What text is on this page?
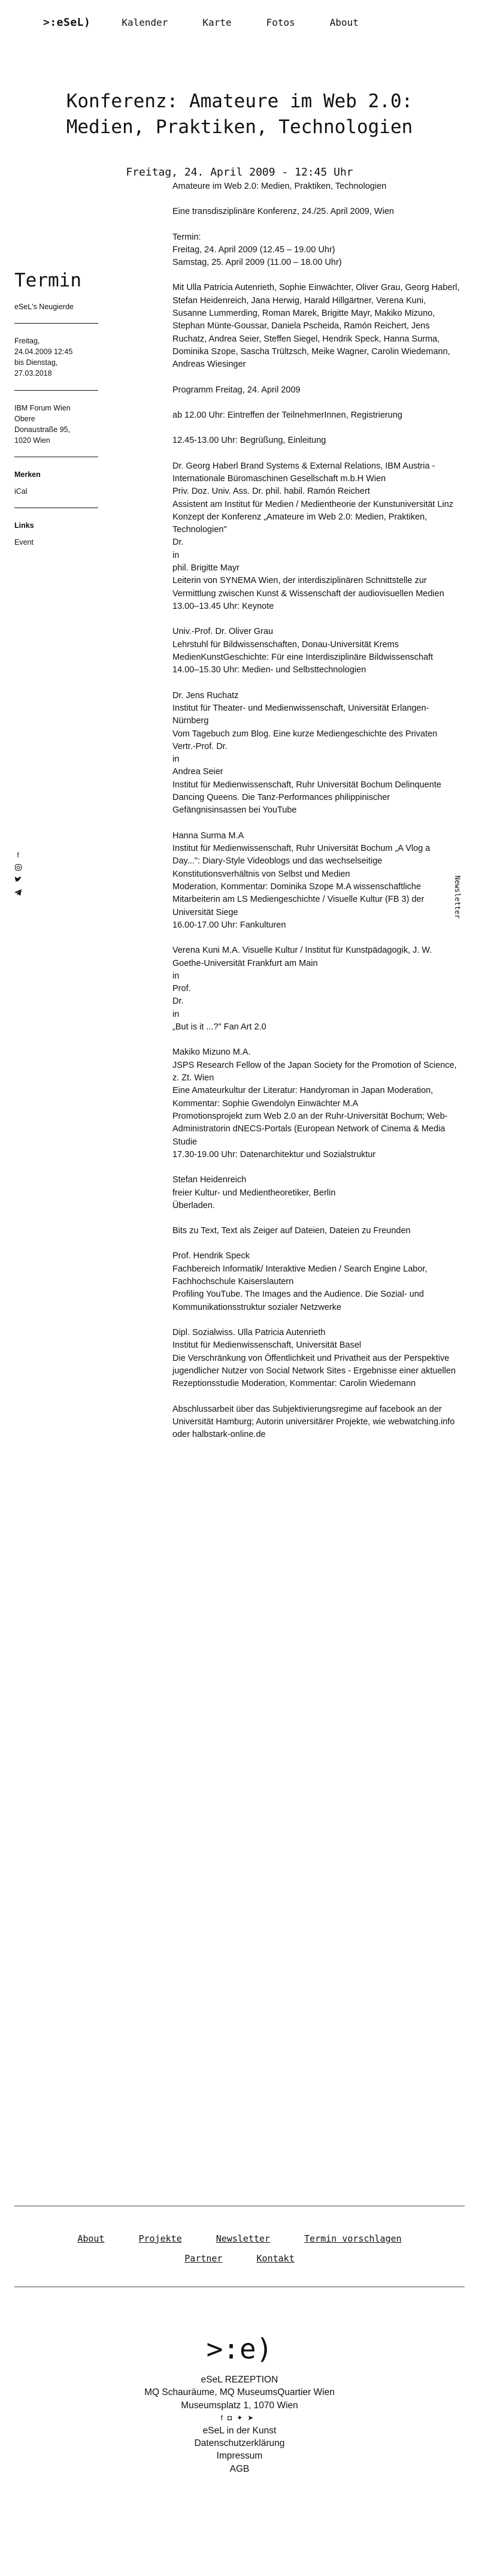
>:eSeL)	Kalender	Karte	Fotos	About
Konferenz: Amateure im Web 2.0:
Medien, Praktiken, Technologien
Freitag, 24. April 2009 - 12:45 Uhr
Termin
eSeL's Neugierde
Freitag,
24.04.2009 12:45
bis Dienstag,
27.03.2018
IBM Forum Wien
Obere
Donaustraße 95,
1020 Wien
Merken
iCal
Links
Event
f
Newsletter

Amateure im Web 2.0: Medien, Praktiken, Technologien

Eine transdisziplinäre Konferenz, 24./25. April 2009, Wien

Termin:
Freitag, 24. April 2009 (12.45 – 19.00 Uhr)
Samstag, 25. April 2009 (11.00 – 18.00 Uhr)

Mit Ulla Patricia Autenrieth, Sophie Einwächter, Oliver Grau, Georg Haberl, Stefan Heidenreich, Jana Herwig, Harald Hillgärtner, Verena Kuni, Susanne Lummerding, Roman Marek, Brigitte Mayr, Makiko Mizuno, Stephan Münte-Goussar, Daniela Pscheida, Ramón Reichert, Jens Ruchatz, Andrea Seier, Steffen Siegel, Hendrik Speck, Hanna Surma, Dominika Szope, Sascha Trültzsch, Meike Wagner, Carolin Wiedemann, Andreas Wiesinger

Programm Freitag, 24. April 2009

ab 12.00 Uhr: Eintreffen der TeilnehmerInnen, Registrierung

12.45-13.00 Uhr: Begrüßung, Einleitung

Dr. Georg Haberl Brand Systems & External Relations, IBM Austria - Internationale Büromaschinen Gesellschaft m.b.H Wien
Priv. Doz. Univ. Ass. Dr. phil. habil. Ramón Reichert
Assistent am Institut für Medien / Medientheorie der Kunstuniversität Linz Konzept der Konferenz „Amateure im Web 2.0: Medien, Praktiken, Technologien"
Dr.
in
phil. Brigitte Mayr
Leiterin von SYNEMA Wien, der interdisziplinären Schnittstelle zur Vermittlung zwischen Kunst & Wissenschaft der audiovisuellen Medien
13.00–13.45 Uhr: Keynote

Univ.-Prof. Dr. Oliver Grau
Lehrstuhl für Bildwissenschaften, Donau-Universität Krems MedienKunstGeschichte: Für eine Interdisziplinäre Bildwissenschaft
14.00–15.30 Uhr: Medien- und Selbsttechnologien

Dr. Jens Ruchatz
Institut für Theater- und Medienwissenschaft, Universität Erlangen-Nürnberg
Vom Tagebuch zum Blog. Eine kurze Mediengeschichte des Privaten
Vertr.-Prof. Dr.
in
Andrea Seier
Institut für Medienwissenschaft, Ruhr Universität Bochum Delinquente Dancing Queens. Die Tanz-Performances philippinischer Gefängnisinsassen bei YouTube

Hanna Surma M.A
Institut für Medienwissenschaft, Ruhr Universität Bochum „A Vlog a Day...": Diary-Style Videoblogs und das wechselseitige Konstitutionsverhältnis von Selbst und Medien
Moderation, Kommentar: Dominika Szope M.A wissenschaftliche Mitarbeiterin am LS Mediengeschichte / Visuelle Kultur (FB 3) der Universität Siege
16.00-17.00 Uhr: Fankulturen

Verena Kuni M.A. Visuelle Kultur / Institut für Kunstpädagogik, J. W. Goethe-Universität Frankfurt am Main
in
Prof.
Dr.
in
„But is it ...?" Fan Art 2.0

Makiko Mizuno M.A.
JSPS Research Fellow of the Japan Society for the Promotion of Science, z. Zt. Wien
Eine Amateurkultur der Literatur: Handyroman in Japan Moderation, Kommentar: Sophie Gwendolyn Einwächter M.A
Promotionsprojekt zum Web 2.0 an der Ruhr-Universität Bochum; Web-Administratorin dNECS-Portals (European Network of Cinema & Media Studie
17.30-19.00 Uhr: Datenarchitektur und Sozialstruktur

Stefan Heidenreich
freier Kultur- und Medientheoretiker, Berlin
Überladen.

Bits zu Text, Text als Zeiger auf Dateien, Dateien zu Freunden

Prof. Hendrik Speck
Fachbereich Informatik/ Interaktive Medien / Search Engine Labor, Fachhochschule Kaiserslautern
Profiling YouTube. The Images and the Audience. Die Sozial- und Kommunikationsstruktur sozialer Netzwerke

Dipl. Sozialwiss. Ulla Patricia Autenrieth
Institut für Medienwissenschaft, Universität Basel
Die Verschränkung von Öffentlichkeit und Privatheit aus der Perspektive jugendlicher Nutzer von Social Network Sites - Ergebnisse einer aktuellen Rezeptionsstudie Moderation, Kommentar: Carolin Wiedemann

Abschlussarbeit über das Subjektivierungsregime auf facebook an der Universität Hamburg; Autorin universitärer Projekte, wie webwatching.info oder halbstark-online.de

About	Projekte	Newsletter	Termin vorschlagen
Partner	Kontakt
>:e)
eSeL REZEPTION
MQ Schauräume, MQ MuseumsQuartier Wien
Museumsplatz 1, 1070 Wien
f◘✦➤
eSeL in der Kunst
Datenschutzerklärung
Impressum
AGB
